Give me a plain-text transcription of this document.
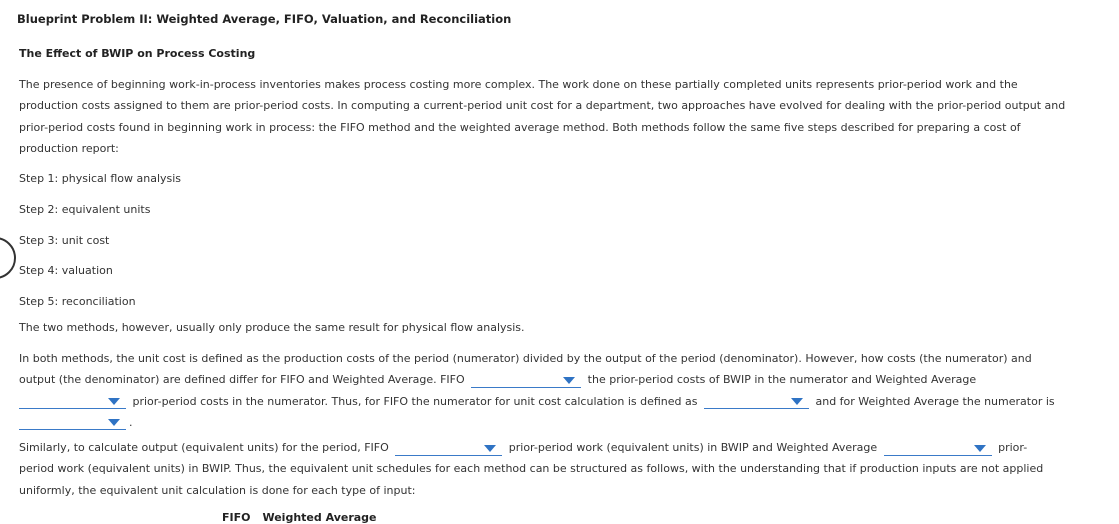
Blueprint Problem II: Weighted Average, FIFO, Valuation, and Reconciliation
The Effect of BWIP on Process Costing
The presence of beginning work-in-process inventories makes process costing more complex. The work done on these partially completed units represents prior-period work and the
production costs assigned to them are prior-period costs. In computing a current-period unit cost for a department, two approaches have evolved for dealing with the prior-period output and
prior-period costs found in beginning work in process: the FIFO method and the weighted average method. Both methods follow the same five steps described for preparing a cost of
production report:
Step 1: physical flow analysis
Step 2: equivalent units
Step 3: unit cost
Step 4: valuation
Step 5: reconciliation
The two methods, however, usually only produce the same result for physical flow analysis.
In both methods, the unit cost is defined as the production costs of the period (numerator) divided by the output of the period (denominator). However, how costs (the numerator) and
output (the denominator) are defined differ for FIFO and Weighted Average. FIFO	the prior-period costs of BWIP in the numerator and Weighted Average
prior-period costs in the numerator. Thus, for FIFO the numerator for unit cost calculation is defined as	and for Weighted Average the numerator is
.
Similarly, to calculate output (equivalent units) for the period, FIFO	prior-period work (equivalent units) in BWIP and Weighted Average	prior-
period work (equivalent units) in BWIP. Thus, the equivalent unit schedules for each method can be structured as follows, with the understanding that if production inputs are not applied
uniformly, the equivalent unit calculation is done for each type of input:
FIFO Weighted Average
